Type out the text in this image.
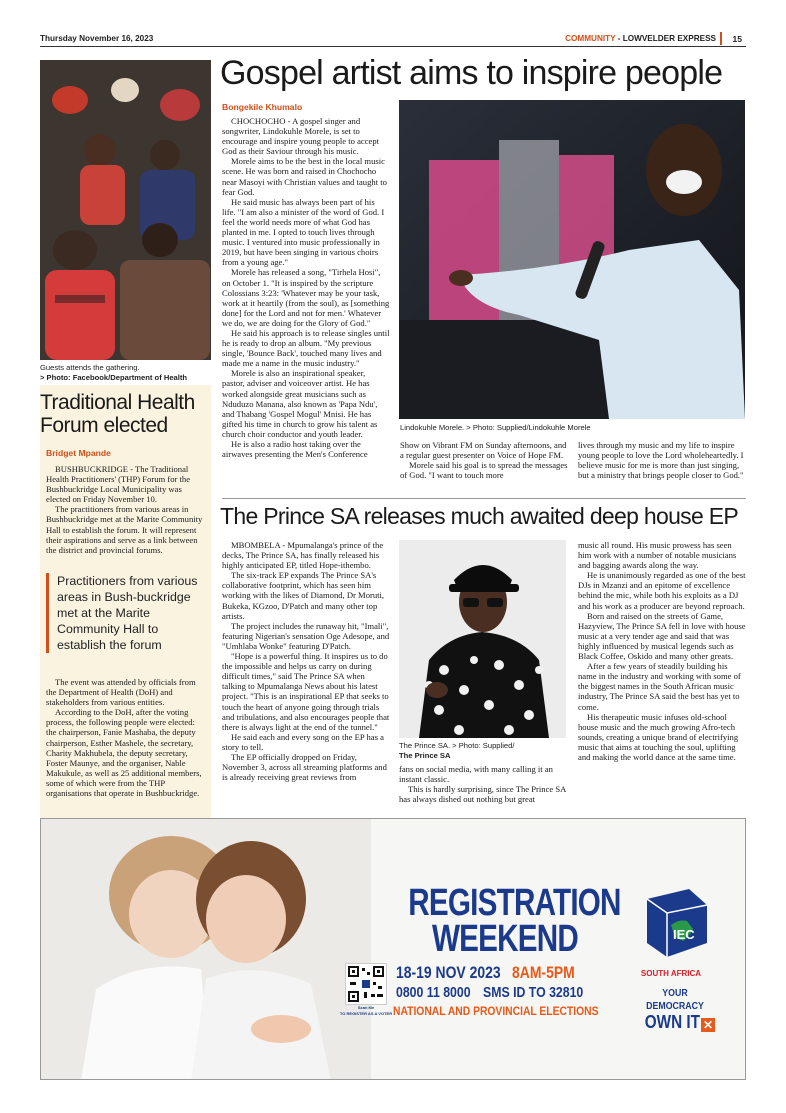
Thursday November 16, 2023	COMMUNITY - LOWVELDER EXPRESS 15
Guests attends the gathering.
> Photo: Facebook/Department of Health
Traditional Health Forum elected
Bridget Mpande

BUSHBUCKRIDGE - The Traditional Health Practitioners' (THP) Forum for the Bushbuckridge Local Municipality was elected on Friday November 10.

The practitioners from various areas in Bushbuckridge met at the Marite Community Hall to establish the forum. It will represent their aspirations and serve as a link between the district and provincial forums.

Practitioners from various areas in Bush-buckridge met at the Marite Community Hall to establish the forum

The event was attended by officials from the Department of Health (DoH) and stakeholders from various entities.

According to the DoH, after the voting process, the following people were elected: the chairperson, Fanie Mashaba, the deputy chairperson, Esther Mashele, the secretary, Charity Makhubela, the deputy secretary, Foster Maunye, and the organiser, Nable Makukule, as well as 25 additional members, some of which were from the THP organisations that operate in Bushbuckridge.

Gospel artist aims to inspire people
Bongekile Khumalo

CHOCHOCHO - A gospel singer and songwriter, Lindokuhle Morele, is set to encourage and inspire young people to accept God as their Saviour through his music.

Morele aims to be the best in the local music scene. He was born and raised in Chochocho near Masoyi with Christian values and taught to fear God.

He said music has always been part of his life. "I am also a minister of the word of God. I feel the world needs more of what God has planted in me. I opted to touch lives through music. I ventured into music professionally in 2019, but have been singing in various choirs from a young age."

Morele has released a song, "Tirhela Hosi", on October 1. "It is inspired by the scripture Colossians 3:23: 'Whatever may be your task, work at it heartily (from the soul), as [something done] for the Lord and not for men.' Whatever we do, we are doing for the Glory of God."

He said his approach is to release singles until he is ready to drop an album. "My previous single, 'Bounce Back', touched many lives and made me a name in the music industry."

Morele is also an inspirational speaker, pastor, adviser and voiceover artist. He has worked alongside great musicians such as Nduduzo Manana, also known as 'Papa Ndu', and Thabang 'Gospel Mogul' Mnisi. He has gifted his time in church to grow his talent as church choir conductor and youth leader.

He is also a radio host taking over the airwaves presenting the Men's Conference

Lindokuhle Morele. > Photo: Supplied/Lindokuhle Morele

Show on Vibrant FM on Sunday afternoons, and a regular guest presenter on Voice of Hope FM.

Morele said his goal is to spread the messages of God. "I want to touch more

lives through my music and my life to inspire young people to love the Lord wholeheartedly. I believe music for me is more than just singing, but a ministry that brings people closer to God."

The Prince SA releases much awaited deep house EP

MBOMBELA - Mpumalanga's prince of the decks, The Prince SA, has finally released his highly anticipated EP, titled Hope-ithembo.

The six-track EP expands The Prince SA's collaborative footprint, which has seen him working with the likes of Diamond, Dr Moruti, Bukeka, KGzoo, D'Patch and many other top artists.

The project includes the runaway hit, "Imali", featuring Nigerian's sensation Oge Adesope, and "Umhlaba Wonke" featuring D'Patch.

"Hope is a powerful thing. It inspires us to do the impossible and helps us carry on during difficult times," said The Prince SA when talking to Mpumalanga News about his latest project. "This is an inspirational EP that seeks to touch the heart of anyone going through trials and tribulations, and also encourages people that there is always light at the end of the tunnel."

He said each and every song on the EP has a story to tell.

The EP officially dropped on Friday, November 3, across all streaming platforms and is already receiving great reviews from

The Prince SA. > Photo: Supplied/
The Prince SA

fans on social media, with many calling it an instant classic.

This is hardly surprising, since The Prince SA has always dished out nothing but great

music all round. His music prowess has seen him work with a number of notable musicians and bagging awards along the way.

He is unanimously regarded as one of the best DJs in Mzanzi and an epitome of excellence behind the mic, while both his exploits as a DJ and his work as a producer are beyond reproach.

Born and raised on the streets of Game, Hazyview, The Prince SA fell in love with house music at a very tender age and said that was highly influenced by musical legends such as Black Coffee, Oskido and many other greats.

After a few years of steadily building his name in the industry and working with some of the biggest names in the South African music industry, The Prince SA said the best has yet to come.

His therapeutic music infuses old-school house music and the much growing Afro-tech sounds, creating a unique brand of electrifying music that aims at touching the soul, uplifting and making the world dance at the same time.

REGISTRATION
WEEKEND
Scan Me
TO REGISTER AS A VOTER
18-19 NOV 2023 8AM-5PM
0800 11 8000 SMS ID TO 32810
NATIONAL AND PROVINCIAL ELECTIONS
IEC
SOUTH AFRICA
YOUR DEMOCRACY
OWN IT ✕
